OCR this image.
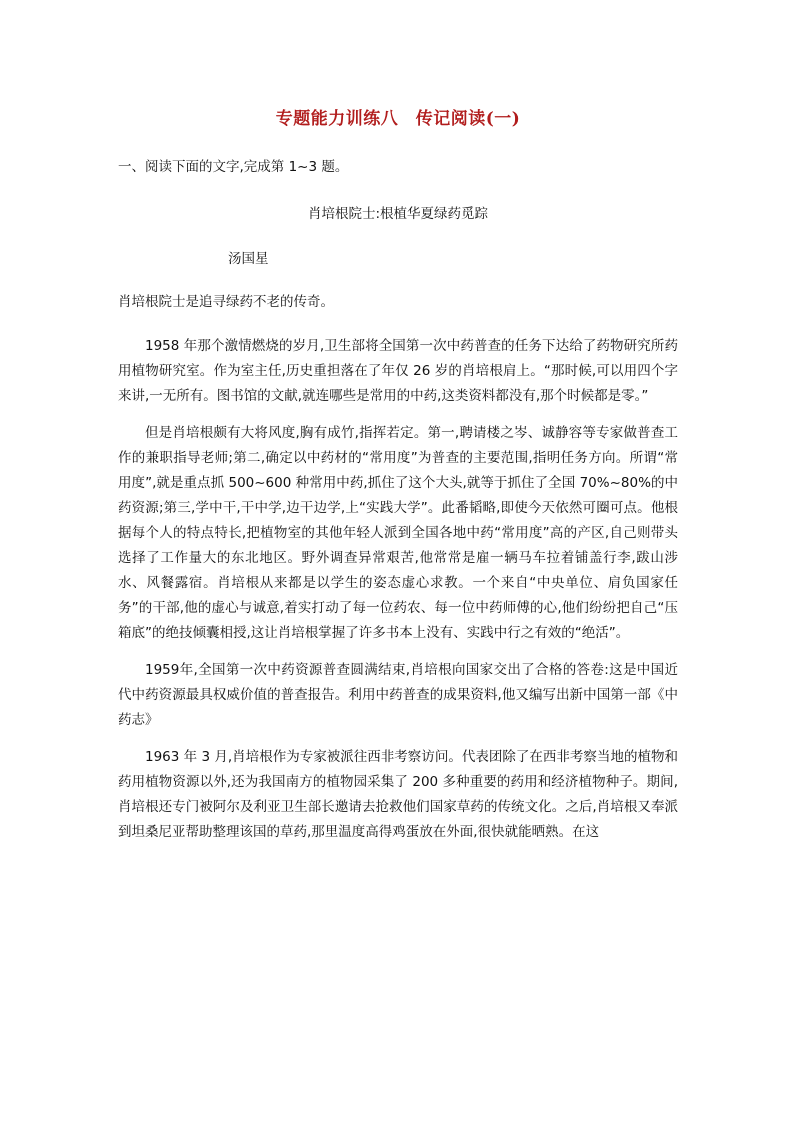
专题能力训练八　传记阅读(一)

一、阅读下面的文字,完成第 1~3 题。

肖培根院士:根植华夏绿药觅踪

汤国星

肖培根院士是追寻绿药不老的传奇。

1958 年那个激情燃烧的岁月,卫生部将全国第一次中药普查的任务下达给了药物研究所药用植物研究室。作为室主任,历史重担落在了年仅 26 岁的肖培根肩上。“那时候,可以用四个字来讲,一无所有。图书馆的文献,就连哪些是常用的中药,这类资料都没有,那个时候都是零。”

但是肖培根颇有大将风度,胸有成竹,指挥若定。第一,聘请楼之岑、诚静容等专家做普查工作的兼职指导老师;第二,确定以中药材的“常用度”为普查的主要范围,指明任务方向。所谓“常用度”,就是重点抓 500~600 种常用中药,抓住了这个大头,就等于抓住了全国 70%~80%的中药资源;第三,学中干,干中学,边干边学,上“实践大学”。此番韬略,即使今天依然可圈可点。他根据每个人的特点特长,把植物室的其他年轻人派到全国各地中药“常用度”高的产区,自己则带头选择了工作量大的东北地区。野外调查异常艰苦,他常常是雇一辆马车拉着铺盖行李,跋山涉水、风餐露宿。肖培根从来都是以学生的姿态虚心求教。一个来自“中央单位、肩负国家任务”的干部,他的虚心与诚意,着实打动了每一位药农、每一位中药师傅的心,他们纷纷把自己“压箱底”的绝技倾囊相授,这让肖培根掌握了许多书本上没有、实践中行之有效的“绝活”。

1959年,全国第一次中药资源普查圆满结束,肖培根向国家交出了合格的答卷:这是中国近代中药资源最具权威价值的普查报告。利用中药普查的成果资料,他又编写出新中国第一部《中药志》

1963 年 3 月,肖培根作为专家被派往西非考察访问。代表团除了在西非考察当地的植物和药用植物资源以外,还为我国南方的植物园采集了 200 多种重要的药用和经济植物种子。期间,肖培根还专门被阿尔及利亚卫生部长邀请去抢救他们国家草药的传统文化。之后,肖培根又奉派到坦桑尼亚帮助整理该国的草药,那里温度高得鸡蛋放在外面,很快就能晒熟。在这
